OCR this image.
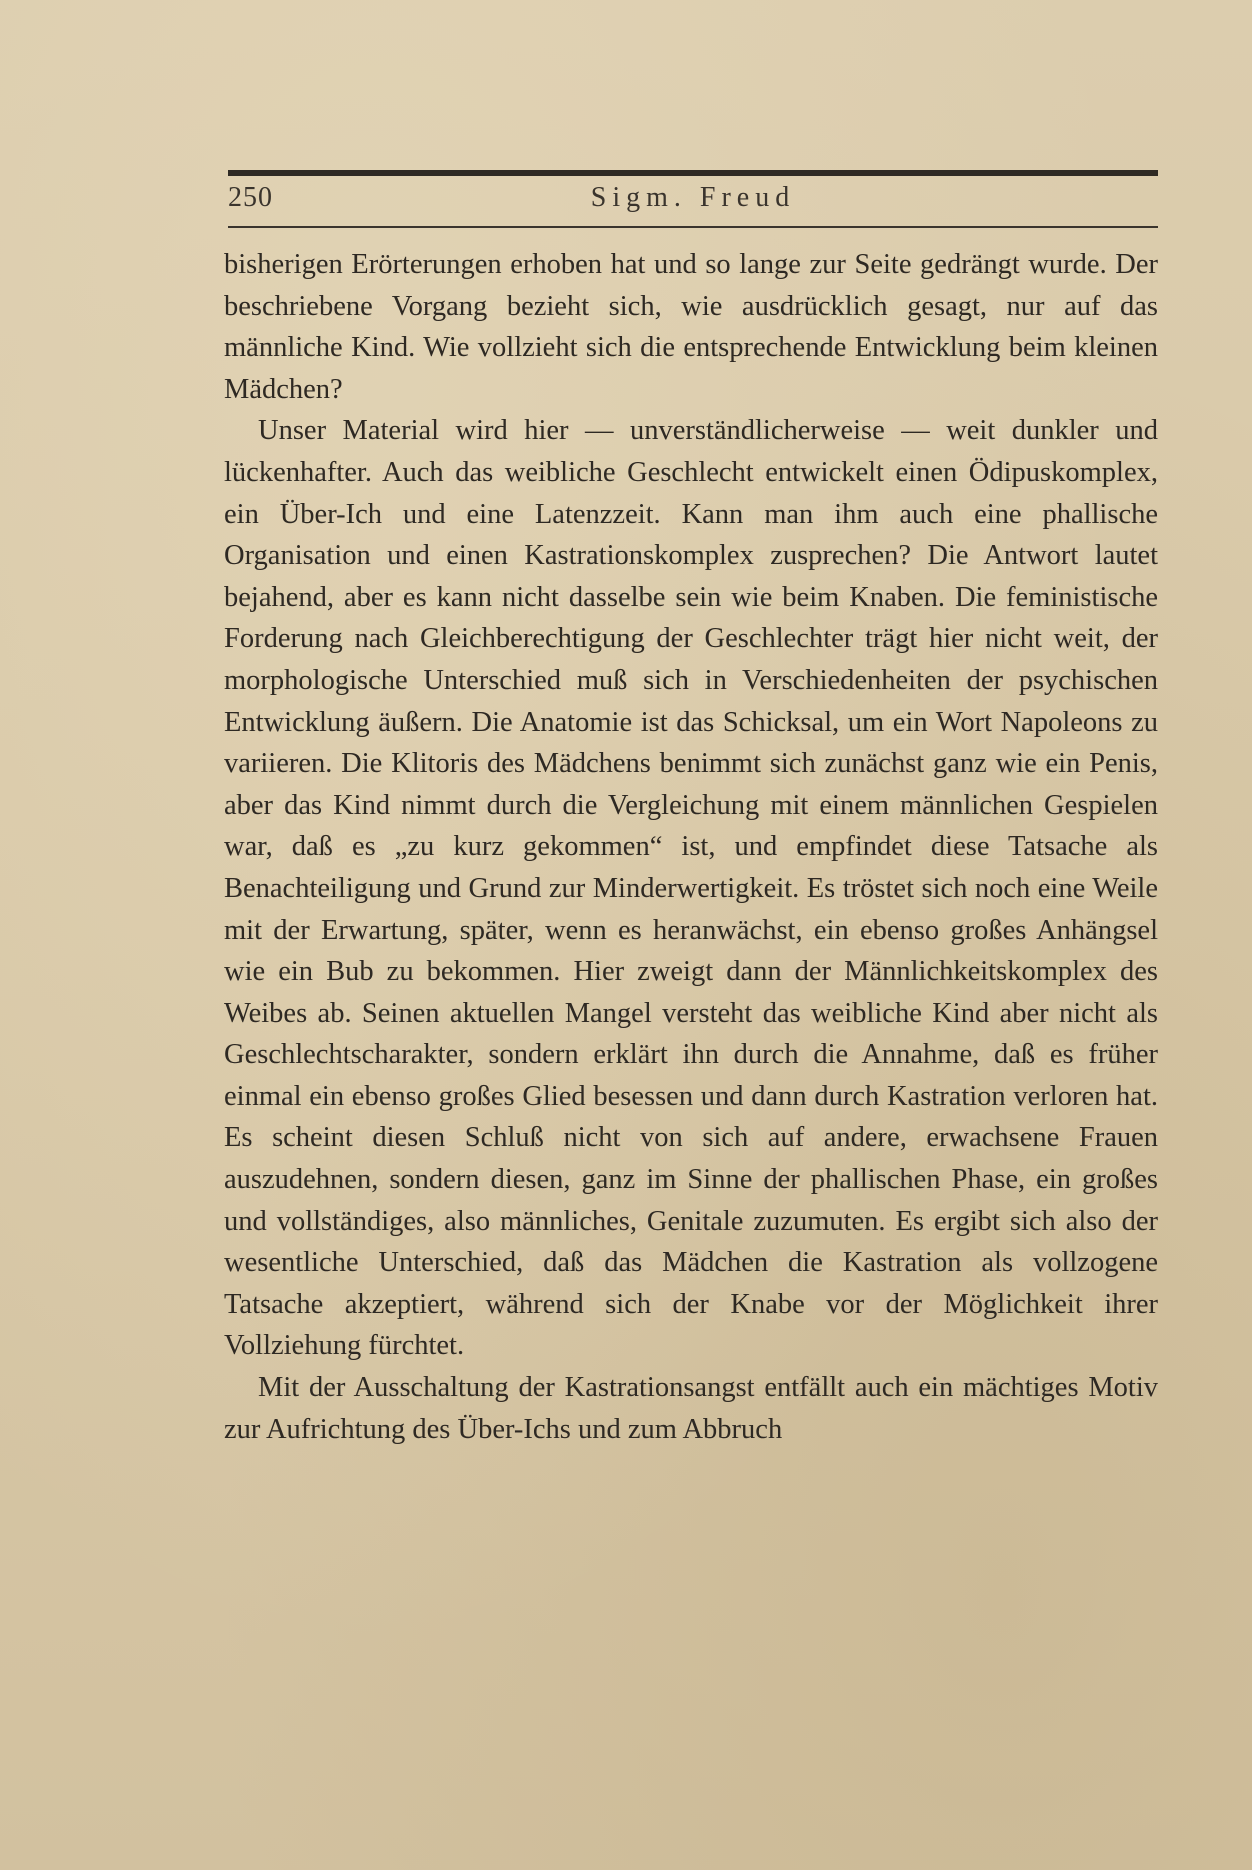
250	Sigm. Freud

bisherigen Erörterungen erhoben hat und so lange zur Seite gedrängt wurde. Der beschriebene Vorgang bezieht sich, wie ausdrücklich gesagt, nur auf das männliche Kind. Wie vollzieht sich die entsprechende Entwicklung beim kleinen Mädchen?

Unser Material wird hier — unverständlicherweise — weit dunkler und lückenhafter. Auch das weibliche Geschlecht entwickelt einen Ödipuskomplex, ein Über-Ich und eine Latenzzeit. Kann man ihm auch eine phallische Organisation und einen Kastrationskomplex zusprechen? Die Antwort lautet bejahend, aber es kann nicht dasselbe sein wie beim Knaben. Die feministische Forderung nach Gleichberechtigung der Geschlechter trägt hier nicht weit, der morphologische Unterschied muß sich in Verschiedenheiten der psychischen Entwicklung äußern. Die Anatomie ist das Schicksal, um ein Wort Napoleons zu variieren. Die Klitoris des Mädchens benimmt sich zunächst ganz wie ein Penis, aber das Kind nimmt durch die Vergleichung mit einem männlichen Gespielen war, daß es „zu kurz gekommen“ ist, und empfindet diese Tatsache als Benachteiligung und Grund zur Minderwertigkeit. Es tröstet sich noch eine Weile mit der Erwartung, später, wenn es heranwächst, ein ebenso großes Anhängsel wie ein Bub zu bekommen. Hier zweigt dann der Männlichkeitskomplex des Weibes ab. Seinen aktuellen Mangel versteht das weibliche Kind aber nicht als Geschlechtscharakter, sondern erklärt ihn durch die Annahme, daß es früher einmal ein ebenso großes Glied besessen und dann durch Kastration verloren hat. Es scheint diesen Schluß nicht von sich auf andere, erwachsene Frauen auszudehnen, sondern diesen, ganz im Sinne der phallischen Phase, ein großes und vollständiges, also männliches, Genitale zuzumuten. Es ergibt sich also der wesentliche Unterschied, daß das Mädchen die Kastration als vollzogene Tatsache akzeptiert, während sich der Knabe vor der Möglichkeit ihrer Vollziehung fürchtet.

Mit der Ausschaltung der Kastrationsangst entfällt auch ein mächtiges Motiv zur Aufrichtung des Über-Ichs und zum Abbruch
